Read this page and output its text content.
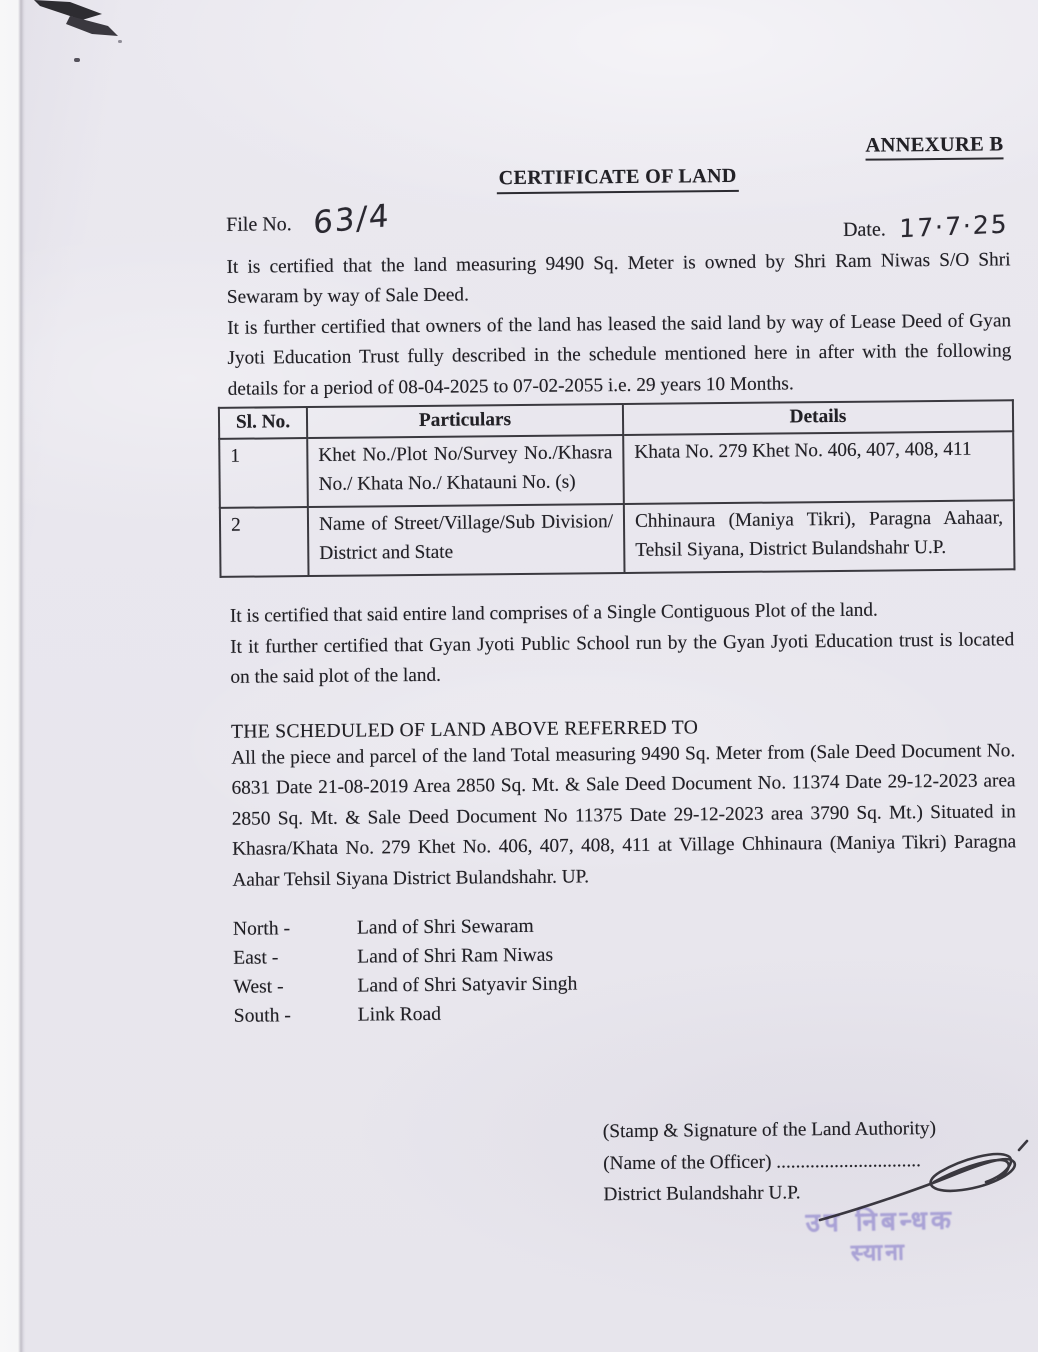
ANNEXURE B
CERTIFICATE OF LAND
File No. 63/4	Date. 17·7·25

It is certified that the land measuring 9490 Sq. Meter is owned by Shri Ram Niwas S/O Shri Sewaram by way of Sale Deed.

It is further certified that owners of the land has leased the said land by way of Lease Deed of Gyan Jyoti Education Trust fully described in the schedule mentioned here in after with the following details for a period of 08-04-2025 to 07-02-2055 i.e. 29 years 10 Months.

Sl. No.	Particulars	Details
1	Khet No./Plot No/Survey No./Khasra No./ Khata No./ Khatauni No. (s)	Khata No. 279 Khet No. 406, 407, 408, 411
2	Name of Street/Village/Sub Division/ District and State	Chhinaura (Maniya Tikri), Paragna Aahaar, Tehsil Siyana, District Bulandshahr U.P.

It is certified that said entire land comprises of a Single Contiguous Plot of the land.

It it further certified that Gyan Jyoti Public School run by the Gyan Jyoti Education trust is located on the said plot of the land.

THE SCHEDULED OF LAND ABOVE REFERRED TO

All the piece and parcel of the land Total measuring 9490 Sq. Meter from (Sale Deed Document No. 6831 Date 21-08-2019 Area 2850 Sq. Mt. & Sale Deed Document No. 11374 Date 29-12-2023 area 2850 Sq. Mt. & Sale Deed Document No 11375 Date 29-12-2023 area 3790 Sq. Mt.) Situated in Khasra/Khata No. 279 Khet No. 406, 407, 408, 411 at Village Chhinaura (Maniya Tikri) Paragna Aahar Tehsil Siyana District Bulandshahr. UP.

North -	Land of Shri Sewaram
East -	Land of Shri Ram Niwas
West -	Land of Shri Satyavir Singh
South -	Link Road
(Stamp & Signature of the Land Authority)
(Name of the Officer) ..............................
District Bulandshahr U.P.
उप निबन्धक
स्याना
